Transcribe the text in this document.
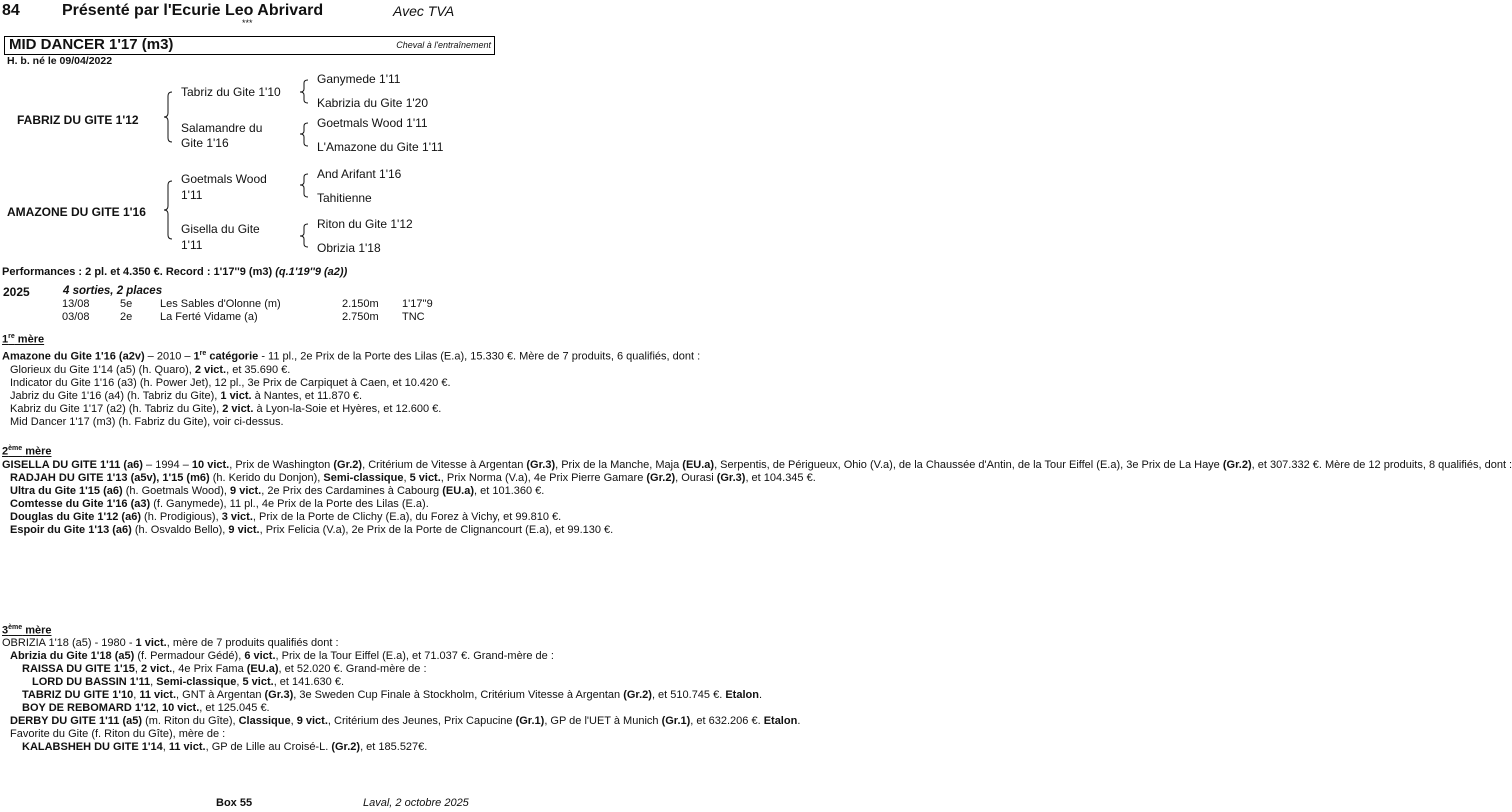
84	Présenté par l'Ecurie Leo Abrivard	Avec TVA
***
MID DANCER 1'17 (m3)	Cheval à l'entraînement
H. b. né le 09/04/2022
FABRIZ DU GITE 1'12
AMAZONE DU GITE 1'16
Tabriz du Gite 1'10
Salamandre du
Gite 1'16
Goetmals Wood
1'11
Gisella du Gite
1'11
Ganymede 1'11
Kabrizia du Gite 1'20
Goetmals Wood 1'11
L'Amazone du Gite 1'11
And Arifant 1'16
Tahitienne
Riton du Gite 1'12
Obrizia 1'18
Performances : 2 pl. et 4.350 €. Record : 1'17''9 (m3) (q.1'19''9 (a2))
2025	4 sorties, 2 places
13/08	5e	Les Sables d'Olonne (m)	2.150m 1'17''9
03/08	2e	La Ferté Vidame (a)	2.750m TNC
1re mère

Amazone du Gite 1'16 (a2v) – 2010 – 1re catégorie - 11 pl., 2e Prix de la Porte des Lilas (E.a), 15.330 €. Mère de 7 produits, 6 qualifiés, dont :

Glorieux du Gite 1'14 (a5) (h. Quaro), 2 vict., et 35.690 €.

Indicator du Gite 1'16 (a3) (h. Power Jet), 12 pl., 3e Prix de Carpiquet à Caen, et 10.420 €.

Jabriz du Gite 1'16 (a4) (h. Tabriz du Gite), 1 vict. à Nantes, et 11.870 €.

Kabriz du Gite 1'17 (a2) (h. Tabriz du Gite), 2 vict. à Lyon-la-Soie et Hyères, et 12.600 €.

Mid Dancer 1'17 (m3) (h. Fabriz du Gite), voir ci-dessus.

2ème mère

GISELLA DU GITE 1'11 (a6) – 1994 – 10 vict., Prix de Washington (Gr.2), Critérium de Vitesse à Argentan (Gr.3), Prix de la Manche, Maja (EU.a), Serpentis, de Périgueux, Ohio (V.a), de la Chaussée d'Antin, de la Tour Eiffel (E.a), 3e Prix de La Haye (Gr.2), et 307.332 €. Mère de 12 produits, 8 qualifiés, dont :

RADJAH DU GITE 1'13 (a5v), 1'15 (m6) (h. Kerido du Donjon), Semi-classique, 5 vict., Prix Norma (V.a), 4e Prix Pierre Gamare (Gr.2), Ourasi (Gr.3), et 104.345 €.

Ultra du Gite 1'15 (a6) (h. Goetmals Wood), 9 vict., 2e Prix des Cardamines à Cabourg (EU.a), et 101.360 €.

Comtesse du Gite 1'16 (a3) (f. Ganymede), 11 pl., 4e Prix de la Porte des Lilas (E.a).

Douglas du Gite 1'12 (a6) (h. Prodigious), 3 vict., Prix de la Porte de Clichy (E.a), du Forez à Vichy, et 99.810 €.

Espoir du Gite 1'13 (a6) (h. Osvaldo Bello), 9 vict., Prix Felicia (V.a), 2e Prix de la Porte de Clignancourt (E.a), et 99.130 €.

3ème mère

OBRIZIA 1'18 (a5) - 1980 - 1 vict., mère de 7 produits qualifiés dont :

Abrizia du Gite 1'18 (a5) (f. Permadour Gédé), 6 vict., Prix de la Tour Eiffel (E.a), et 71.037 €. Grand-mère de :

RAISSA DU GITE 1'15, 2 vict., 4e Prix Fama (EU.a), et 52.020 €. Grand-mère de :

LORD DU BASSIN 1'11, Semi-classique, 5 vict., et 141.630 €.

TABRIZ DU GITE 1'10, 11 vict., GNT à Argentan (Gr.3), 3e Sweden Cup Finale à Stockholm, Critérium Vitesse à Argentan (Gr.2), et 510.745 €. Etalon.

BOY DE REBOMARD 1'12, 10 vict., et 125.045 €.

DERBY DU GITE 1'11 (a5) (m. Riton du Gîte), Classique, 9 vict., Critérium des Jeunes, Prix Capucine (Gr.1), GP de l'UET à Munich (Gr.1), et 632.206 €. Etalon.

Favorite du Gite (f. Riton du Gîte), mère de :

KALABSHEH DU GITE 1'14, 11 vict., GP de Lille au Croisé-L. (Gr.2), et 185.527€.

Box 55	Laval, 2 octobre 2025
